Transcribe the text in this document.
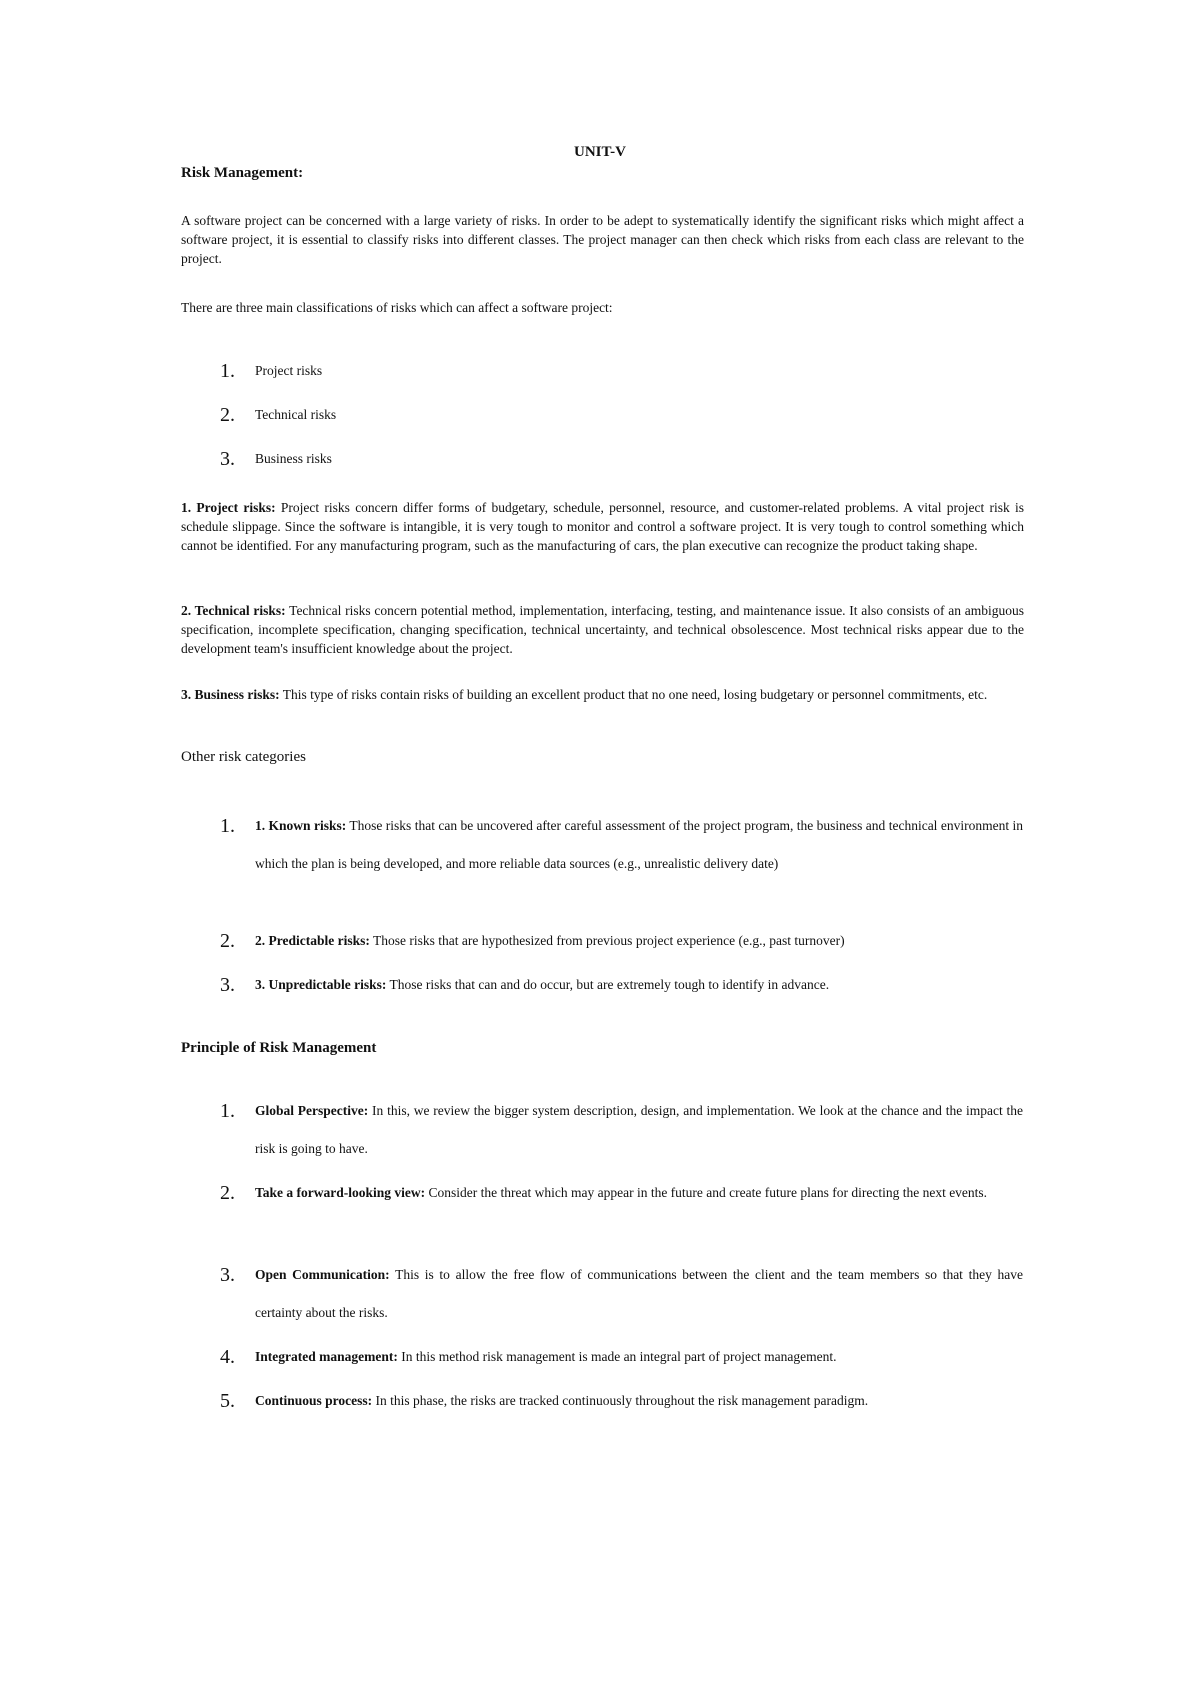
UNIT-V
Risk Management:

A software project can be concerned with a large variety of risks. In order to be adept to systematically identify the significant risks which might affect a software project, it is essential to classify risks into different classes. The project manager can then check which risks from each class are relevant to the project.

There are three main classifications of risks which can affect a software project:

1. Project risks
2. Technical risks
3. Business risks

1. Project risks: Project risks concern differ forms of budgetary, schedule, personnel, resource, and customer-related problems. A vital project risk is schedule slippage. Since the software is intangible, it is very tough to monitor and control a software project. It is very tough to control something which cannot be identified. For any manufacturing program, such as the manufacturing of cars, the plan executive can recognize the product taking shape.

2. Technical risks: Technical risks concern potential method, implementation, interfacing, testing, and maintenance issue. It also consists of an ambiguous specification, incomplete specification, changing specification, technical uncertainty, and technical obsolescence. Most technical risks appear due to the development team's insufficient knowledge about the project.

3. Business risks: This type of risks contain risks of building an excellent product that no one need, losing budgetary or personnel commitments, etc.

Other risk categories
1. 1. Known risks: Those risks that can be uncovered after careful assessment of the project program, the business and technical environment in which the plan is being developed, and more reliable data sources (e.g., unrealistic delivery date)
2. 2. Predictable risks: Those risks that are hypothesized from previous project experience (e.g., past turnover)
3. 3. Unpredictable risks: Those risks that can and do occur, but are extremely tough to identify in advance.
Principle of Risk Management
1. Global Perspective: In this, we review the bigger system description, design, and implementation. We look at the chance and the impact the risk is going to have.
2. Take a forward-looking view: Consider the threat which may appear in the future and create future plans for directing the next events.
3. Open Communication: This is to allow the free flow of communications between the client and the team members so that they have certainty about the risks.
4. Integrated management: In this method risk management is made an integral part of project management.
5. Continuous process: In this phase, the risks are tracked continuously throughout the risk management paradigm.
